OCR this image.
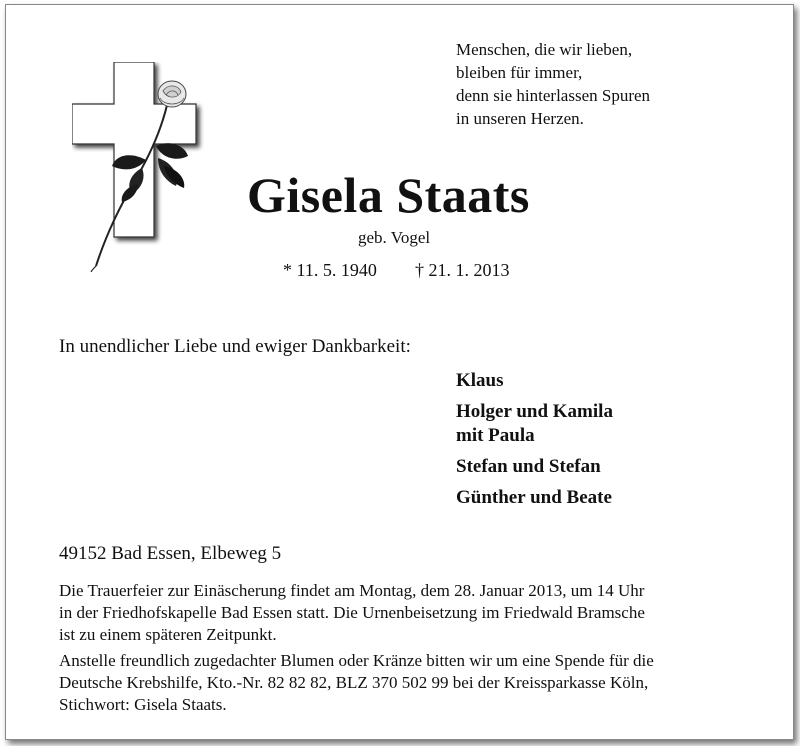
Menschen, die wir lieben,
bleiben für immer,
denn sie hinterlassen Spuren
in unseren Herzen.
Gisela Staats
geb. Vogel
* 11. 5. 1940 † 21. 1. 2013
In unendlicher Liebe und ewiger Dankbarkeit:
Klaus
Holger und Kamila
mit Paula
Stefan und Stefan
Günther und Beate
49152 Bad Essen, Elbeweg 5
Die Trauerfeier zur Einäscherung findet am Montag, dem 28. Januar 2013, um 14 Uhr
in der Friedhofskapelle Bad Essen statt. Die Urnenbeisetzung im Friedwald Bramsche
ist zu einem späteren Zeitpunkt.
Anstelle freundlich zugedachter Blumen oder Kränze bitten wir um eine Spende für die
Deutsche Krebshilfe, Kto.-Nr. 82 82 82, BLZ 370 502 99 bei der Kreissparkasse Köln,
Stichwort: Gisela Staats.
